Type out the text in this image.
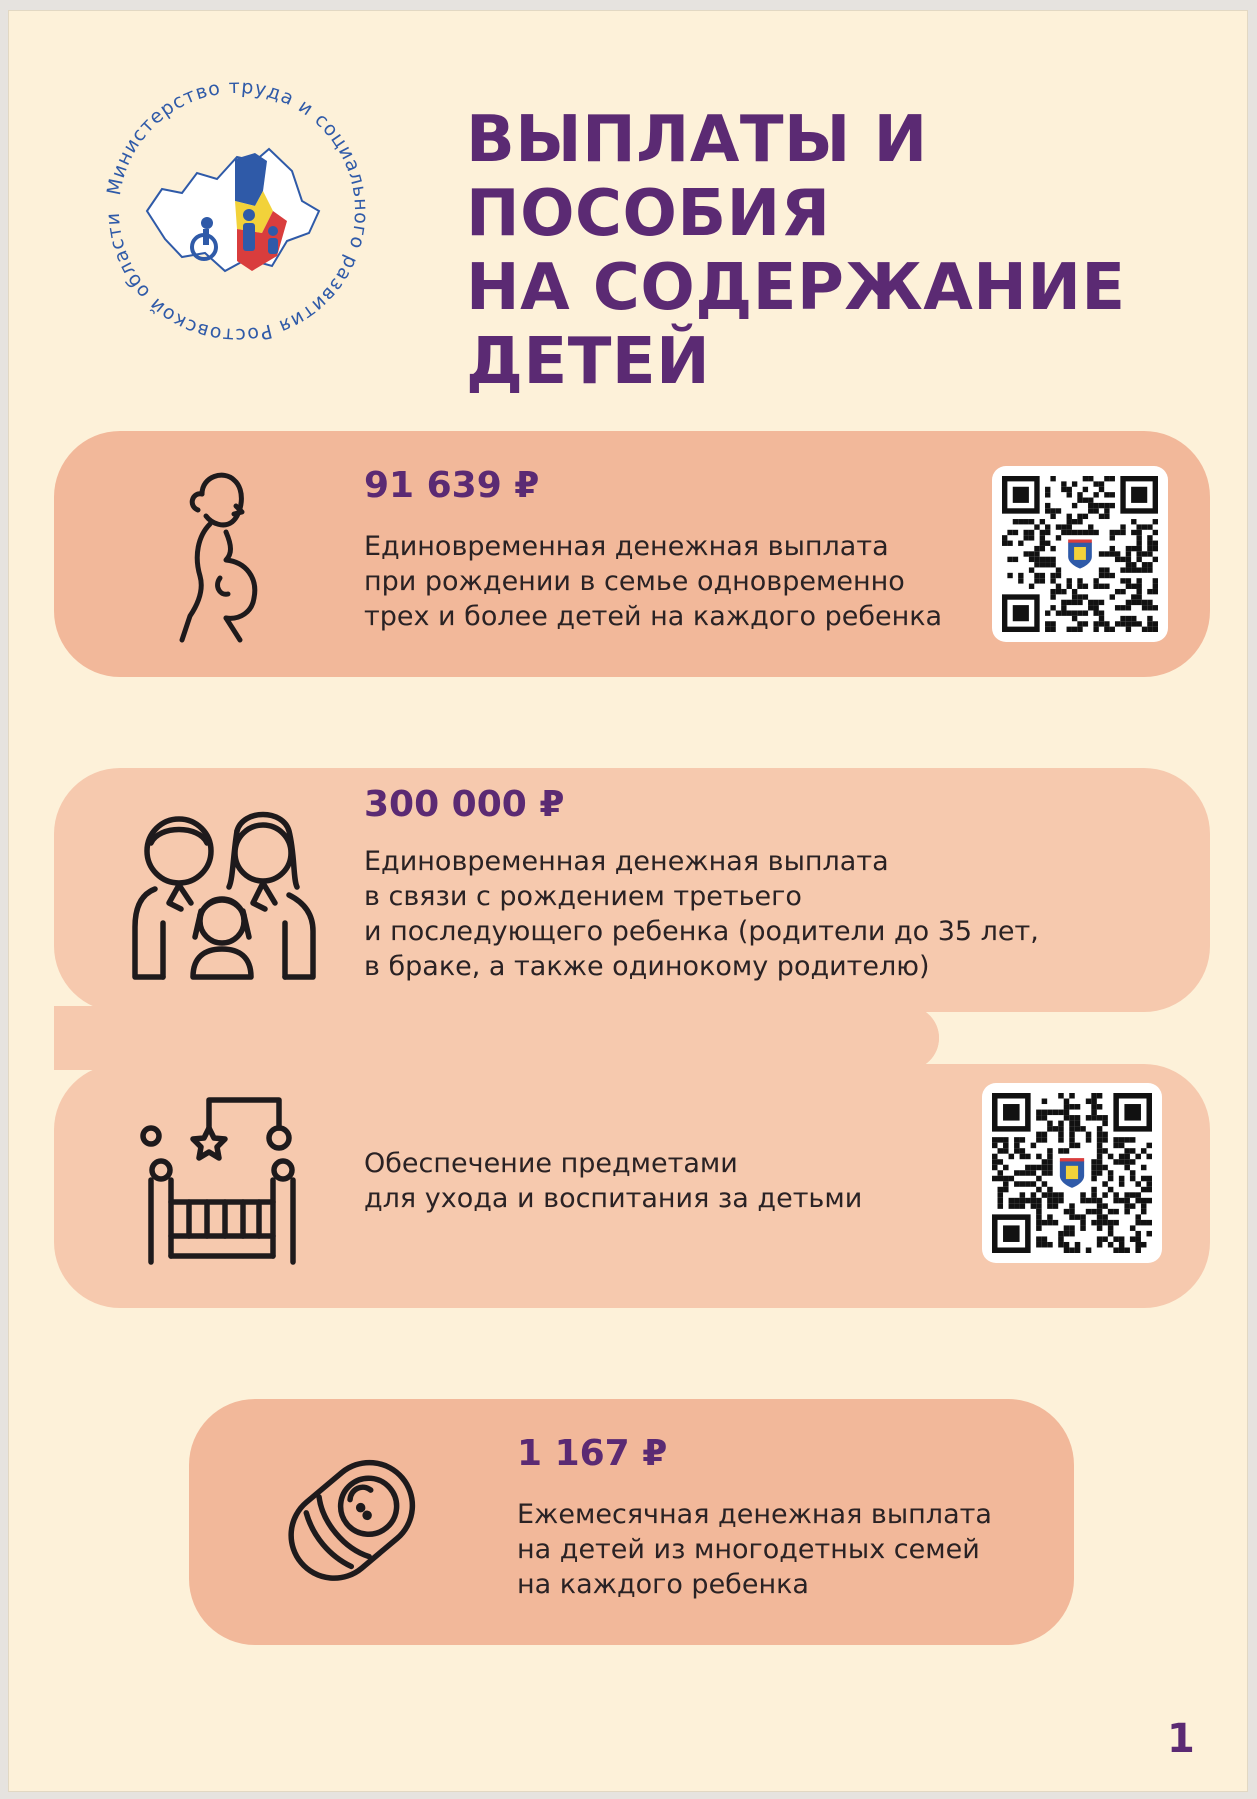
Министерство труда и социального развития Ростовской области
ВЫПЛАТЫ И ПОСОБИЯ
НА СОДЕРЖАНИЕ
ДЕТЕЙ
91 639 ₽
Единовременная денежная выплата
при рождении в семье одновременно
трех и более детей на каждого ребенка
300 000 ₽
Единовременная денежная выплата
в связи с рождением третьего
и последующего ребенка (родители до 35 лет,
в браке, а также одинокому родителю)
Обеспечение предметами
для ухода и воспитания за детьми
1 167 ₽
Ежемесячная денежная выплата
на детей из многодетных семей
на каждого ребенка
1
